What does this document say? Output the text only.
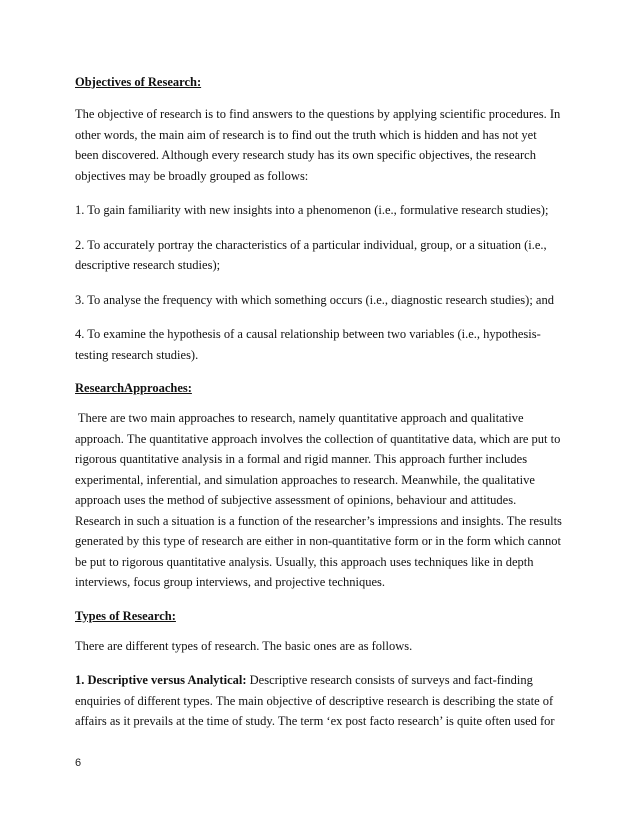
Objectives of Research:

The objective of research is to find answers to the questions by applying scientific procedures. In
other words, the main aim of research is to find out the truth which is hidden and has not yet
been discovered. Although every research study has its own specific objectives, the research
objectives may be broadly grouped as follows:

1. To gain familiarity with new insights into a phenomenon (i.e., formulative research studies);

2. To accurately portray the characteristics of a particular individual, group, or a situation (i.e.,
descriptive research studies);

3. To analyse the frequency with which something occurs (i.e., diagnostic research studies); and

4. To examine the hypothesis of a causal relationship between two variables (i.e., hypothesis-
testing research studies).

ResearchApproaches:

There are two main approaches to research, namely quantitative approach and qualitative
approach. The quantitative approach involves the collection of quantitative data, which are put to
rigorous quantitative analysis in a formal and rigid manner. This approach further includes
experimental, inferential, and simulation approaches to research. Meanwhile, the qualitative
approach uses the method of subjective assessment of opinions, behaviour and attitudes.
Research in such a situation is a function of the researcher’s impressions and insights. The results
generated by this type of research are either in non-quantitative form or in the form which cannot
be put to rigorous quantitative analysis. Usually, this approach uses techniques like in depth
interviews, focus group interviews, and projective techniques.

Types of Research:

There are different types of research. The basic ones are as follows.

1. Descriptive versus Analytical: Descriptive research consists of surveys and fact-finding
enquiries of different types. The main objective of descriptive research is describing the state of
affairs as it prevails at the time of study. The term ‘ex post facto research’ is quite often used for

6
